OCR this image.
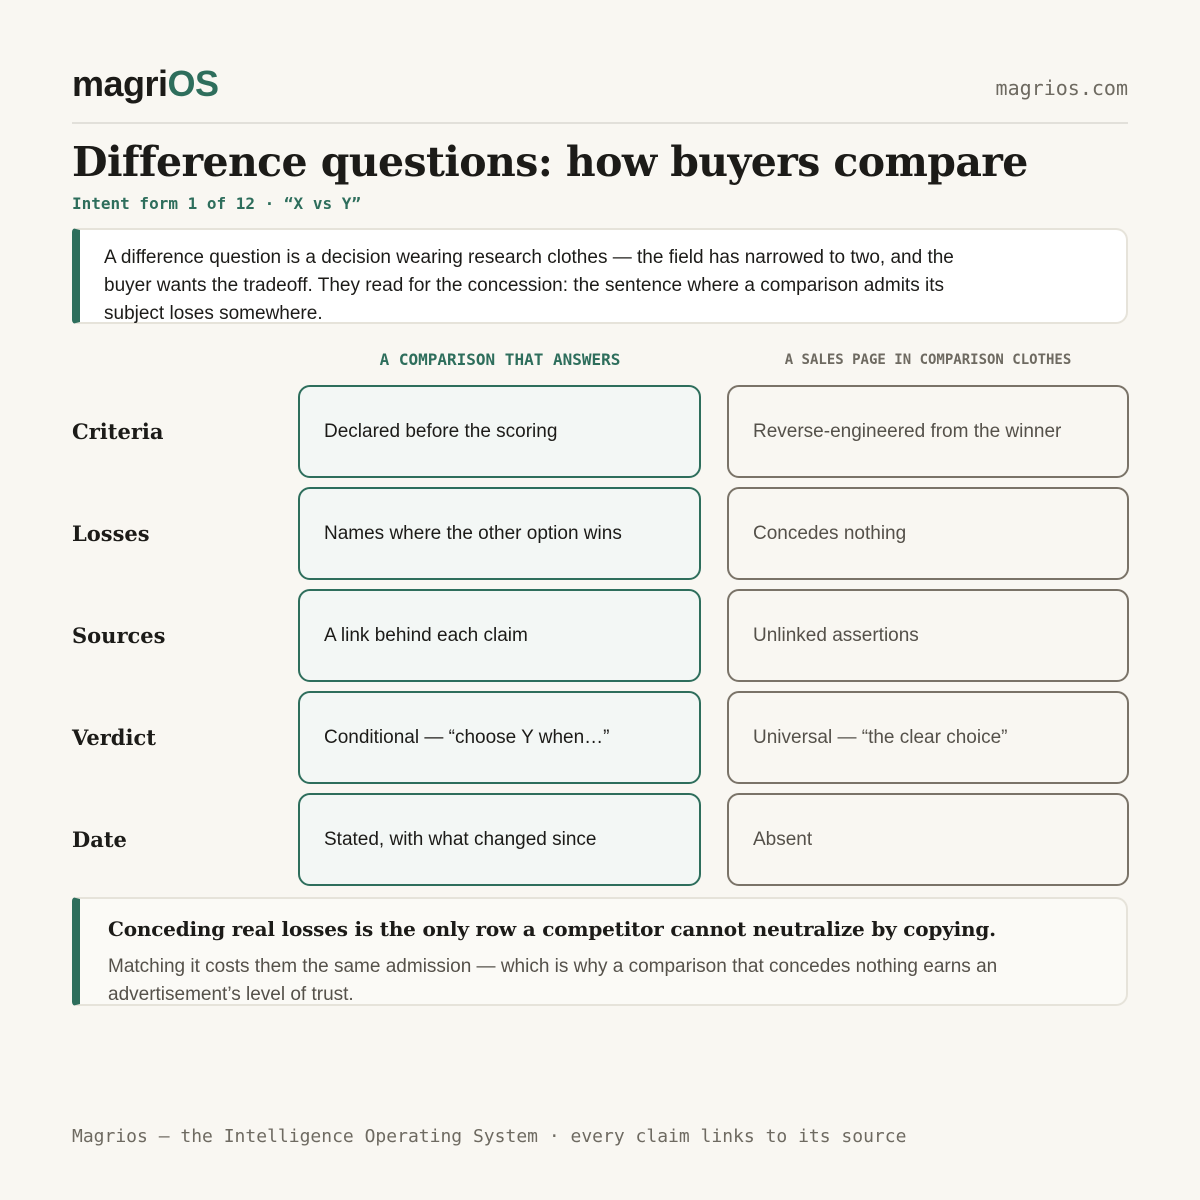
magriOS	magrios.com
Difference questions: how buyers compare
Intent form 1 of 12 · “X vs Y”

A difference question is a decision wearing research clothes — the field has narrowed to two, and the buyer wants the tradeoff. They read for the concession: the sentence where a comparison admits its subject loses somewhere.

A COMPARISON THAT ANSWERS	A SALES PAGE IN COMPARISON CLOTHES
Criteria	Declared before the scoring	Reverse-engineered from the winner
Losses	Names where the other option wins	Concedes nothing
Sources	A link behind each claim	Unlinked assertions
Verdict	Conditional — “choose Y when…”	Universal — “the clear choice”
Date	Stated, with what changed since	Absent
Conceding real losses is the only row a competitor cannot neutralize by copying.

Matching it costs them the same admission — which is why a comparison that concedes nothing earns an advertisement’s level of trust.

Magrios — the Intelligence Operating System · every claim links to its source
